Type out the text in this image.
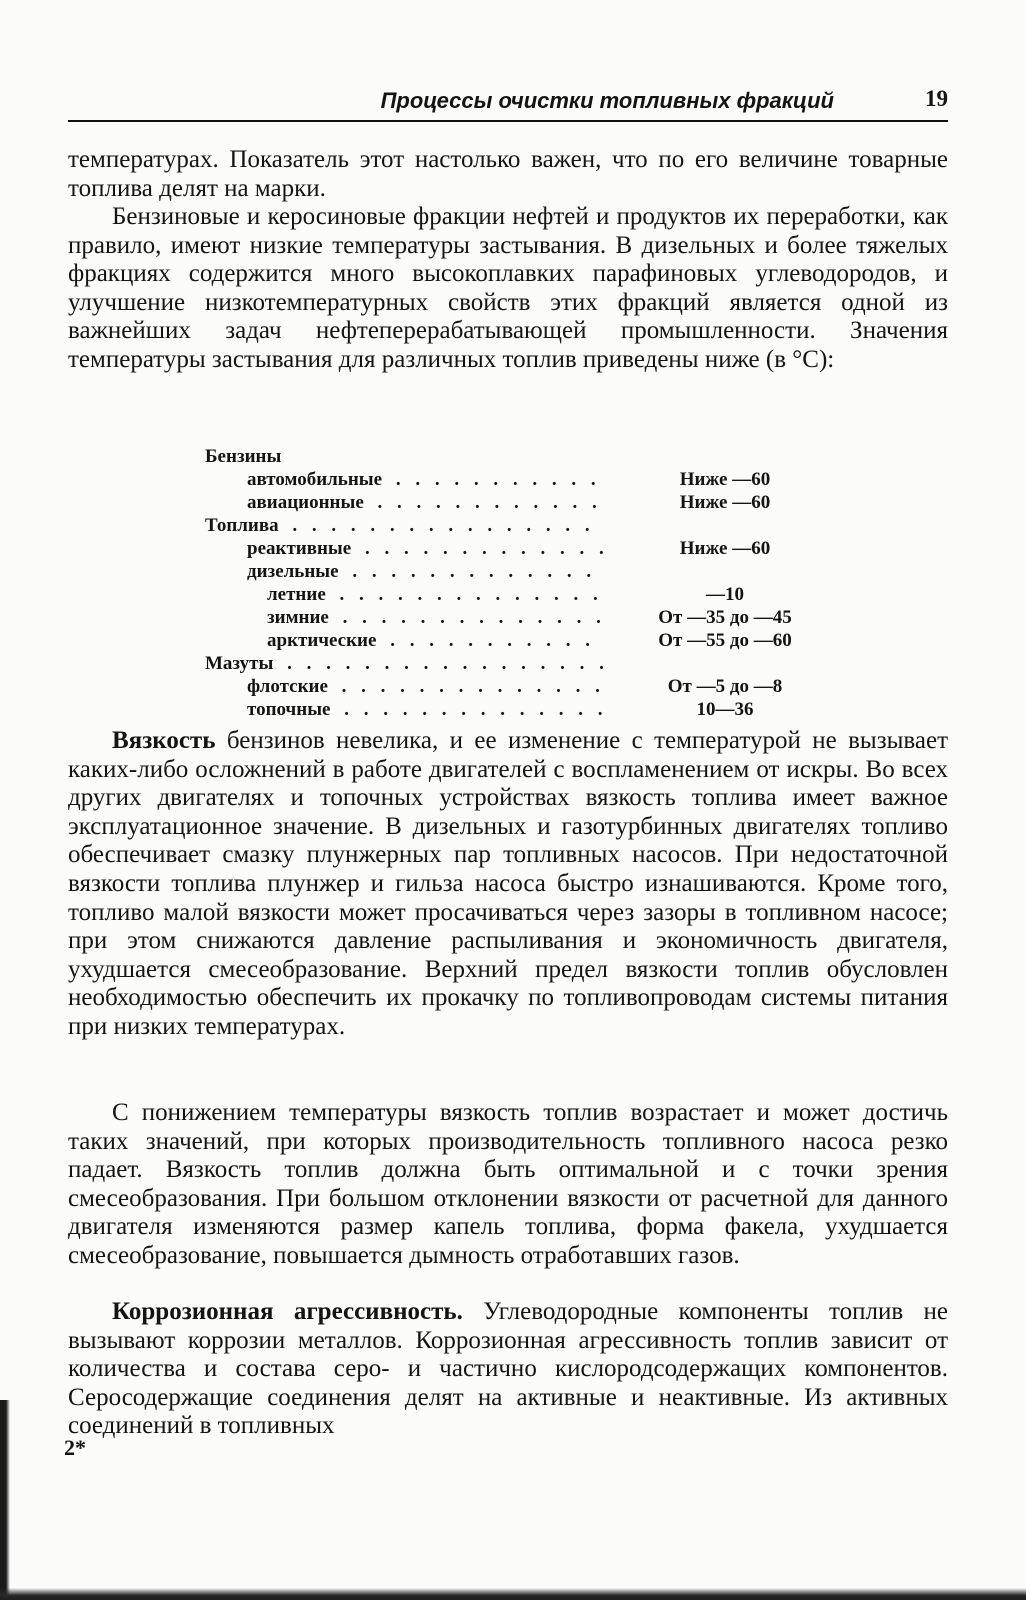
Процессы очистки топливных фракций	19

температурах. Показатель этот настолько важен, что по его величине товарные топлива делят на марки.

Бензиновые и керосиновые фракции нефтей и продуктов их переработки, как правило, имеют низкие температуры застывания. В дизельных и более тяжелых фракциях содержится много высокоплавких парафиновых углеводородов, и улучшение низкотемпературных свойств этих фракций является одной из важнейших задач нефтеперерабатывающей промышленности. Значения температуры застывания для различных топлив приведены ниже (в °C):

Бензины
автомобильные . . .	Ниже —60
авиационные . . .	Ниже —60
Топлива . . .
реактивные . . .	Ниже —60
дизельные . . .
летние . . .	—10
зимние . . .	От —35 до —45
арктические . . .	От —55 до —60
Мазуты . . .
флотские . . .	От —5 до —8
топочные . . .	10—36

Вязкость бензинов невелика, и ее изменение с температурой не вызывает каких-либо осложнений в работе двигателей с воспламенением от искры. Во всех других двигателях и топочных устройствах вязкость топлива имеет важное эксплуатационное значение. В дизельных и газотурбинных двигателях топливо обеспечивает смазку плунжерных пар топливных насосов. При недостаточной вязкости топлива плунжер и гильза насоса быстро изнашиваются. Кроме того, топливо малой вязкости может просачиваться через зазоры в топливном насосе; при этом снижаются давление распыливания и экономичность двигателя, ухудшается смесеобразование. Верхний предел вязкости топлив обусловлен необходимостью обеспечить их прокачку по топливопроводам системы питания при низких температурах.

С понижением температуры вязкость топлив возрастает и может достичь таких значений, при которых производительность топливного насоса резко падает. Вязкость топлив должна быть оптимальной и с точки зрения смесеобразования. При большом отклонении вязкости от расчетной для данного двигателя изменяются размер капель топлива, форма факела, ухудшается смесеобразование, повышается дымность отработавших газов.

Коррозионная агрессивность. Углеводородные компоненты топлив не вызывают коррозии металлов. Коррозионная агрессивность топлив зависит от количества и состава серо- и частично кислородсодержащих компонентов. Серосодержащие соединения делят на активные и неактивные. Из активных соединений в топливных

2*
